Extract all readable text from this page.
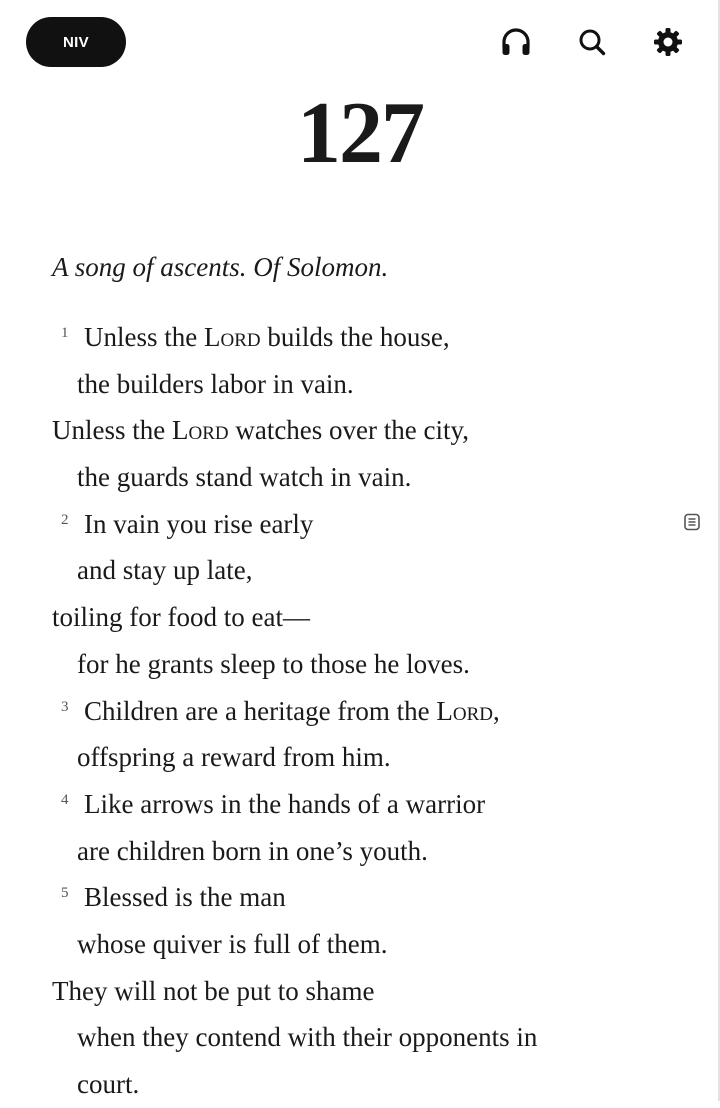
NIV
127
A song of ascents. Of Solomon.
1 Unless the Lord builds the house,
the builders labor in vain.
Unless the Lord watches over the city,
the guards stand watch in vain.
2 In vain you rise early
and stay up late,
toiling for food to eat—
for he grants sleep to those he loves.
3 Children are a heritage from the Lord,
offspring a reward from him.
4 Like arrows in the hands of a warrior
are children born in one’s youth.
5 Blessed is the man
whose quiver is full of them.
They will not be put to shame
when they contend with their opponents in
court.
